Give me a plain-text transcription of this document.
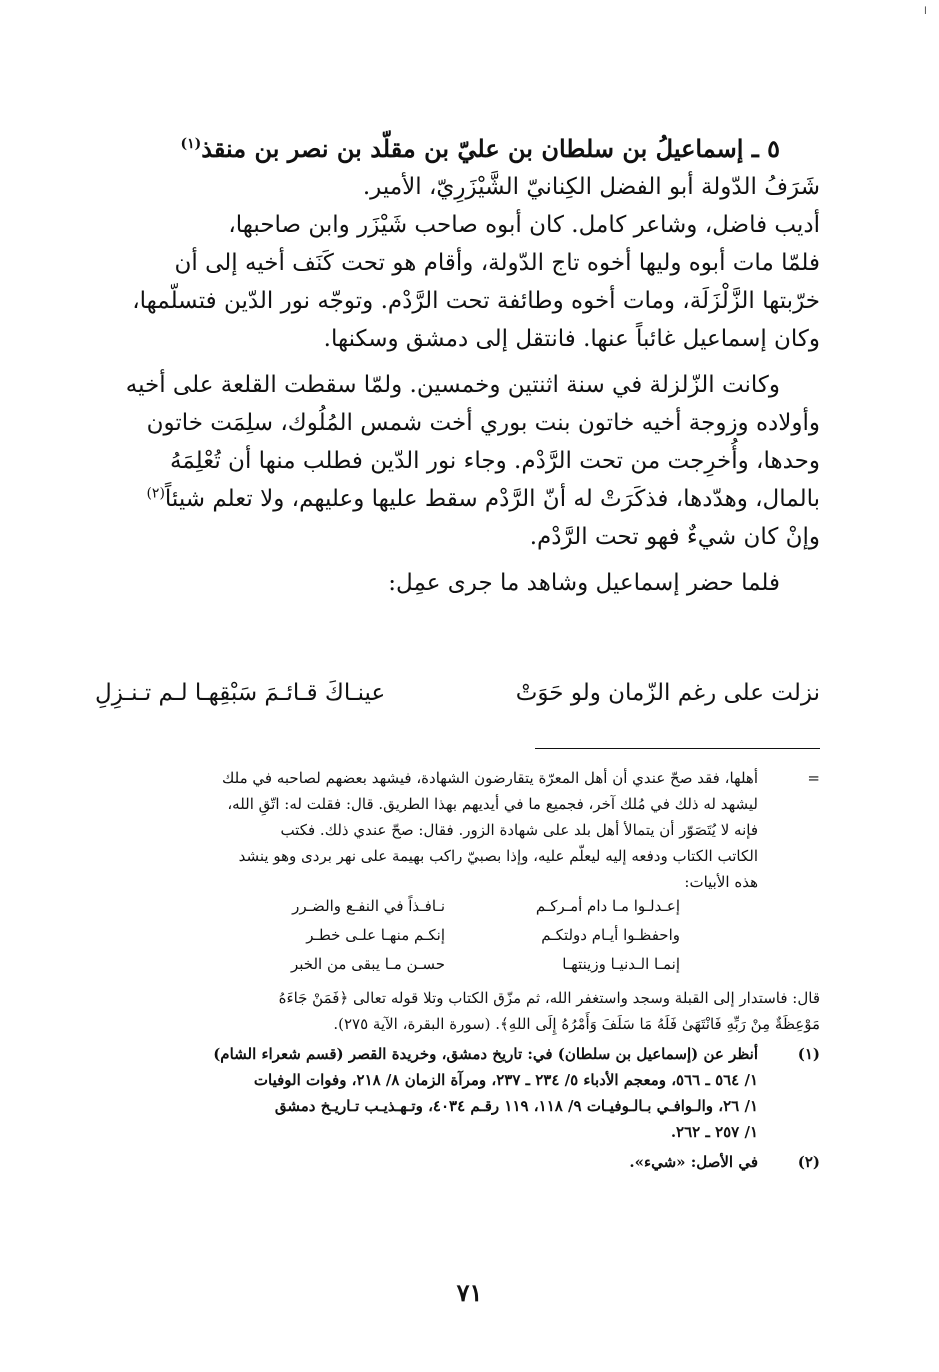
ا

٥ ـ إسماعيلُ بن سلطان بن عليّ بن مقلّد بن نصر بن منقذ$^{(١)}$

شَرَفُ الدّولة أبو الفضل الكِنانيّ الشَّيْزَرِيّ، الأمير.

أديب فاضل، وشاعر كامل. كان أبوه صاحب شَيْزَر وابن صاحبها،

فلمّا مات أبوه وليها أخوه تاج الدّولة، وأقام هو تحت كَنَف أخيه إلى أن

خرّبتها الزَّلْزَلَة، ومات أخوه وطائفة تحت الرَّدْم. وتوجّه نور الدّين فتسلّمها،

وكان إسماعيل غائباً عنها. فانتقل إلى دمشق وسكنها.

وكانت الزّلزلة في سنة اثنتين وخمسين. ولمّا سقطت القلعة على أخيه

وأولاده وزوجة أخيه خاتون بنت بوري أخت شمس المُلُوك، سلِمَت خاتون

وحدها، وأُخرِجت من تحت الرَّدْم. وجاء نور الدّين فطلب منها أن تُعْلِمَهُ

بالمال، وهدّدها، فذكَرَتْ له أنّ الرَّدْم سقط عليها وعليهم، ولا تعلم شيئاً$^{(٢)}$

وإنْ كان شيءٌ فهو تحت الرَّدْم.

فلما حضر إسماعيل وشاهد ما جرى عمِل:

نزلت على رغم الزّمان ولو حَوَتْ
عينـاكَ قـائـمَ سَبْقِهـا لـم تـنـزِلِ
=

أهلها، فقد صحّ عندي أن أهل المعرّة يتقارضون الشهادة، فيشهد بعضهم لصاحبه في ملك

ليشهد له ذلك في مُلك آخر، فجميع ما في أيديهم بهذا الطريق. قال: فقلت له: اتّقِ الله،

فإنه لا يُتَصَوّر أن يتمالأ أهل بلد على شهادة الزور. فقال: صحّ عندي ذلك. فكتب

الكاتب الكتاب ودفعه إليه ليعلّم عليه، وإذا بصبيّ راكب بهيمة على نهر بردى وهو ينشد

هذه الأبيات:

إعـدلـوا مـا دام أمـركـم
نـافـذاً في النفـع والضـرر
واحفظـوا أيـام دولتكـم
إنكـم منهـا علـى خطـر
إنمـا الـدنيـا وزينتهـا
حسـن مـا يبقى من الخبر

قال: فاستدار إلى القبلة وسجد واستغفر الله، ثم مزّق الكتاب وتلا قوله تعالى ﴿فَمَنْ جَاءَهُ

مَوْعِظَةٌ مِنْ رَبِّهِ فَانْتَهَىٰ فَلَهُ مَا سَلَفَ وَأَمْرُهُ إِلَى اللهِ﴾. (سورة البقرة، الآية ٢٧٥).

(١)

أنظر عن (إسماعيل بن سلطان) في: تاريخ دمشق، وخريدة القصر (قسم شعراء الشام)

١/ ٥٦٤ ـ ٥٦٦، ومعجم الأدباء ٥/ ٢٣٤ ـ ٢٣٧، ومرآة الزمان ٨/ ٢١٨، وفوات الوفيات

١/ ٢٦، والـوافـي بـالـوفيـات ٩/ ١١٨، ١١٩ رقـم ٤٠٣٤، وتـهـذيـب تـاريـخ دمشق

١/ ٢٥٧ ـ ٢٦٢.

(٢)

في الأصل: «شيء».

٧١
